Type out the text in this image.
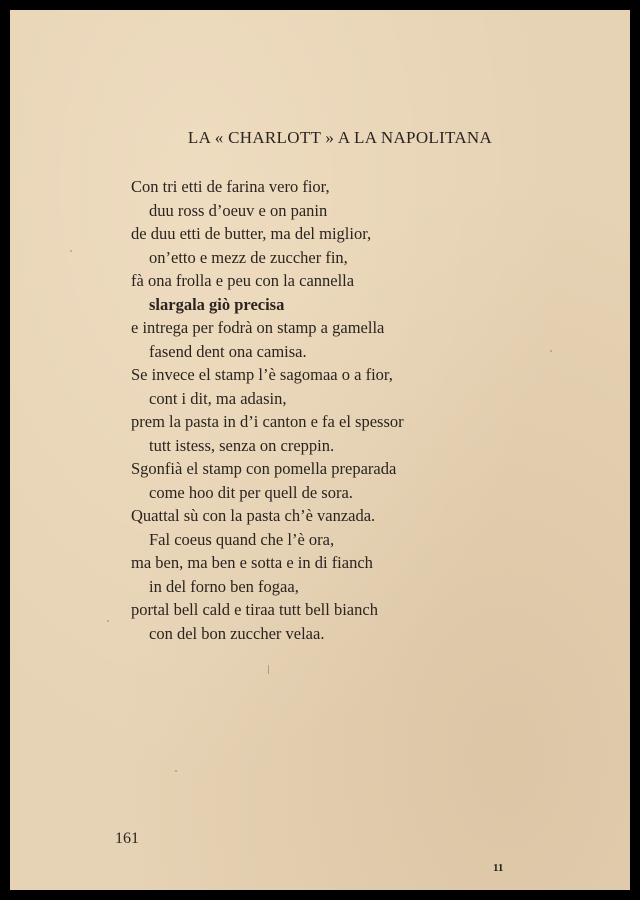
LA « CHARLOTT » A LA NAPOLITANA
Con tri etti de farina vero fior,
duu ross d’oeuv e on panin
de duu etti de butter, ma del miglior,
on’etto e mezz de zuccher fin,
fà ona frolla e peu con la cannella
slargala giò precisa
e intrega per fodrà on stamp a gamella
fasend dent ona camisa.
Se invece el stamp l’è sagomaa o a fior,
cont i dit, ma adasin,
prem la pasta in d’i canton e fa el spessor
tutt istess, senza on creppin.
Sgonfià el stamp con pomella preparada
come hoo dit per quell de sora.
Quattal sù con la pasta ch’è vanzada.
Fal coeus quand che l’è ora,
ma ben, ma ben e sotta e in di fianch
in del forno ben fogaa,
portal bell cald e tiraa tutt bell bianch
con del bon zuccher velaa.
161
11
